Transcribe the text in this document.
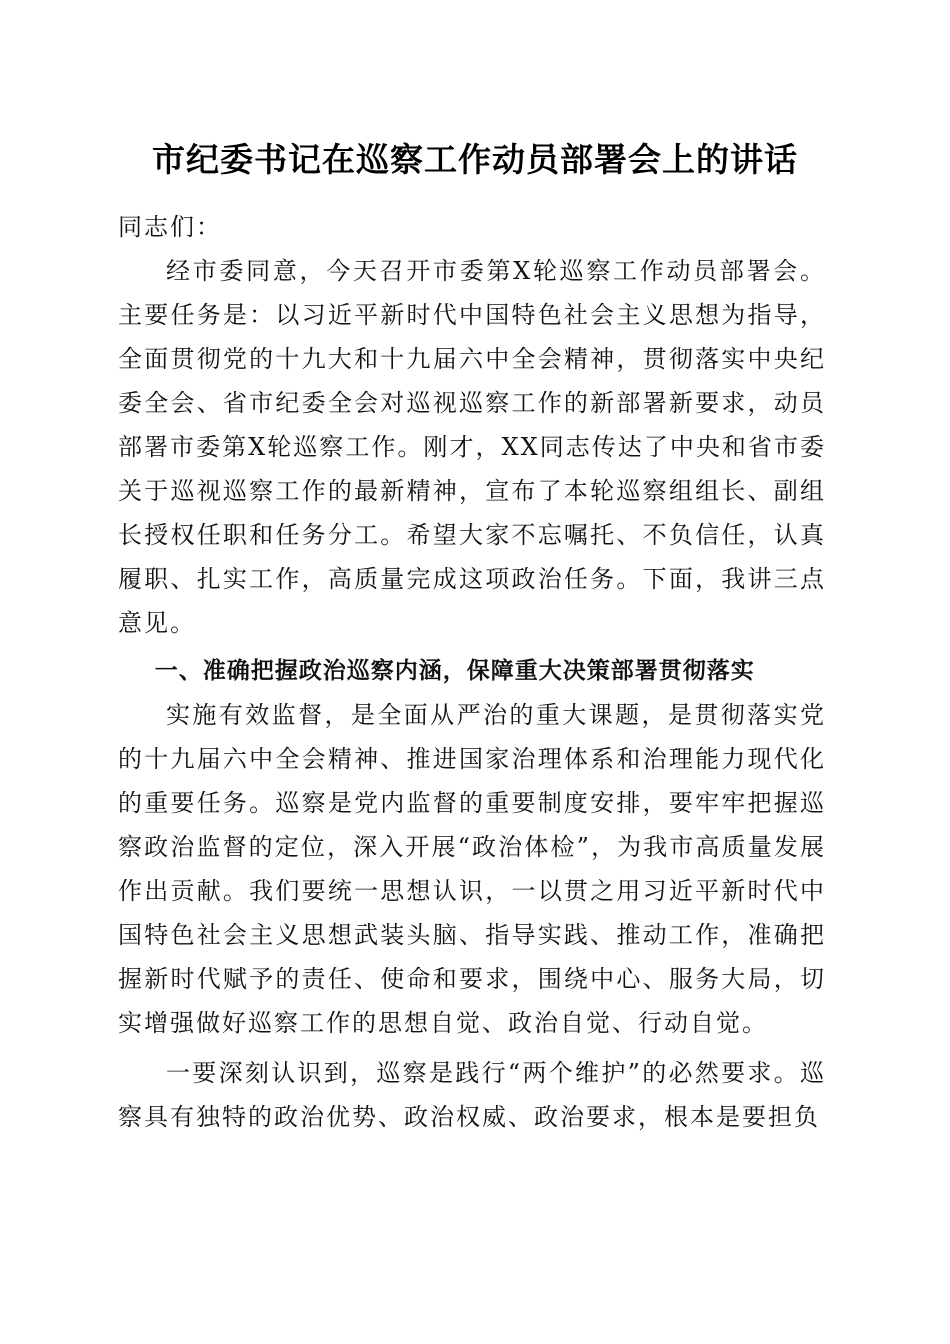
市纪委书记在巡察工作动员部署会上的讲话

同志们：

经市委同意，今天召开市委第X轮巡察工作动员部署会。主要任务是：以习近平新时代中国特色社会主义思想为指导，全面贯彻党的十九大和十九届六中全会精神，贯彻落实中央纪委全会、省市纪委全会对巡视巡察工作的新部署新要求，动员部署市委第X轮巡察工作。刚才，XX同志传达了中央和省市委关于巡视巡察工作的最新精神，宣布了本轮巡察组组长、副组长授权任职和任务分工。希望大家不忘嘱托、不负信任，认真履职、扎实工作，高质量完成这项政治任务。下面，我讲三点意见。

一、准确把握政治巡察内涵，保障重大决策部署贯彻落实

实施有效监督，是全面从严治的重大课题，是贯彻落实党的十九届六中全会精神、推进国家治理体系和治理能力现代化的重要任务。巡察是党内监督的重要制度安排，要牢牢把握巡察政治监督的定位，深入开展“政治体检”，为我市高质量发展作出贡献。我们要统一思想认识，一以贯之用习近平新时代中国特色社会主义思想武装头脑、指导实践、推动工作，准确把握新时代赋予的责任、使命和要求，围绕中心、服务大局，切实增强做好巡察工作的思想自觉、政治自觉、行动自觉。

一要深刻认识到，巡察是践行“两个维护”的必然要求。巡察具有独特的政治优势、政治权威、政治要求，根本是要担负
